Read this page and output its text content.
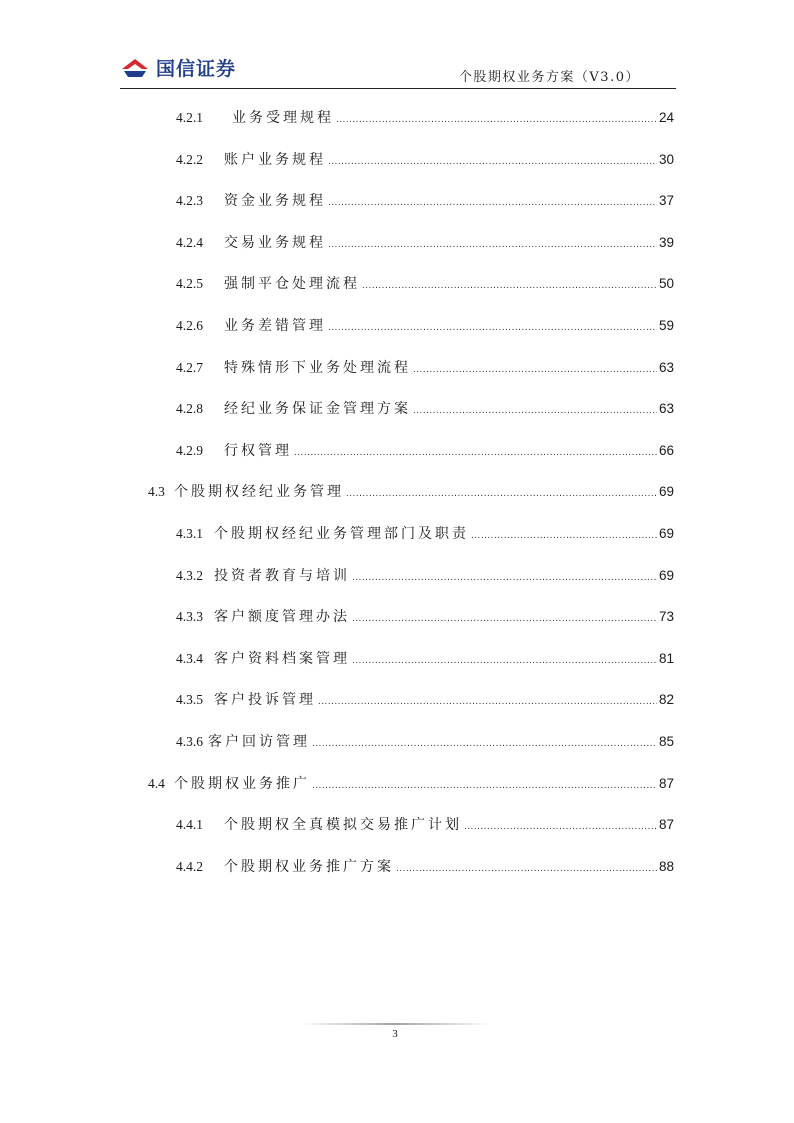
国信证券	个股期权业务方案（V3.0）
4.2.1	业务受理规程 .....	24
4.2.2	账户业务规程 .....	30
4.2.3	资金业务规程 .....	37
4.2.4	交易业务规程 .....	39
4.2.5	强制平仓处理流程 .....	50
4.2.6	业务差错管理 .....	59
4.2.7	特殊情形下业务处理流程 .....	63
4.2.8	经纪业务保证金管理方案 .....	63
4.2.9	行权管理 .....	66
4.3 个股期权经纪业务管理 .....	69
4.3.1 个股期权经纪业务管理部门及职责 .....	69
4.3.2 投资者教育与培训 .....	69
4.3.3 客户额度管理办法 .....	73
4.3.4 客户资料档案管理 .....	81
4.3.5 客户投诉管理 .....	82
4.3.6 客户回访管理 .....	85
4.4 个股期权业务推广 .....	87
4.4.1	个股期权全真模拟交易推广计划 .....	87
4.4.2	个股期权业务推广方案 .....	88
3
